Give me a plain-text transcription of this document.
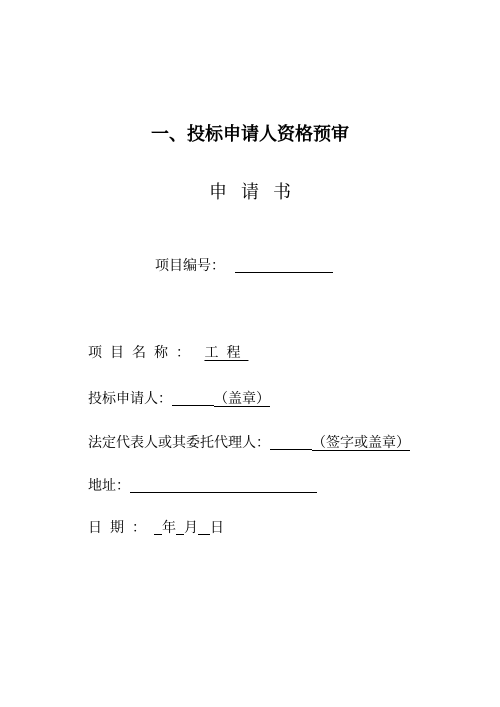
一、投标申请人资格预审
申请书
项目编号：
项目名称： 工程
投标申请人：	（盖章）
法定代表人或其委托代理人：	（签字或盖章）
地址：
日期： 年 月 日
